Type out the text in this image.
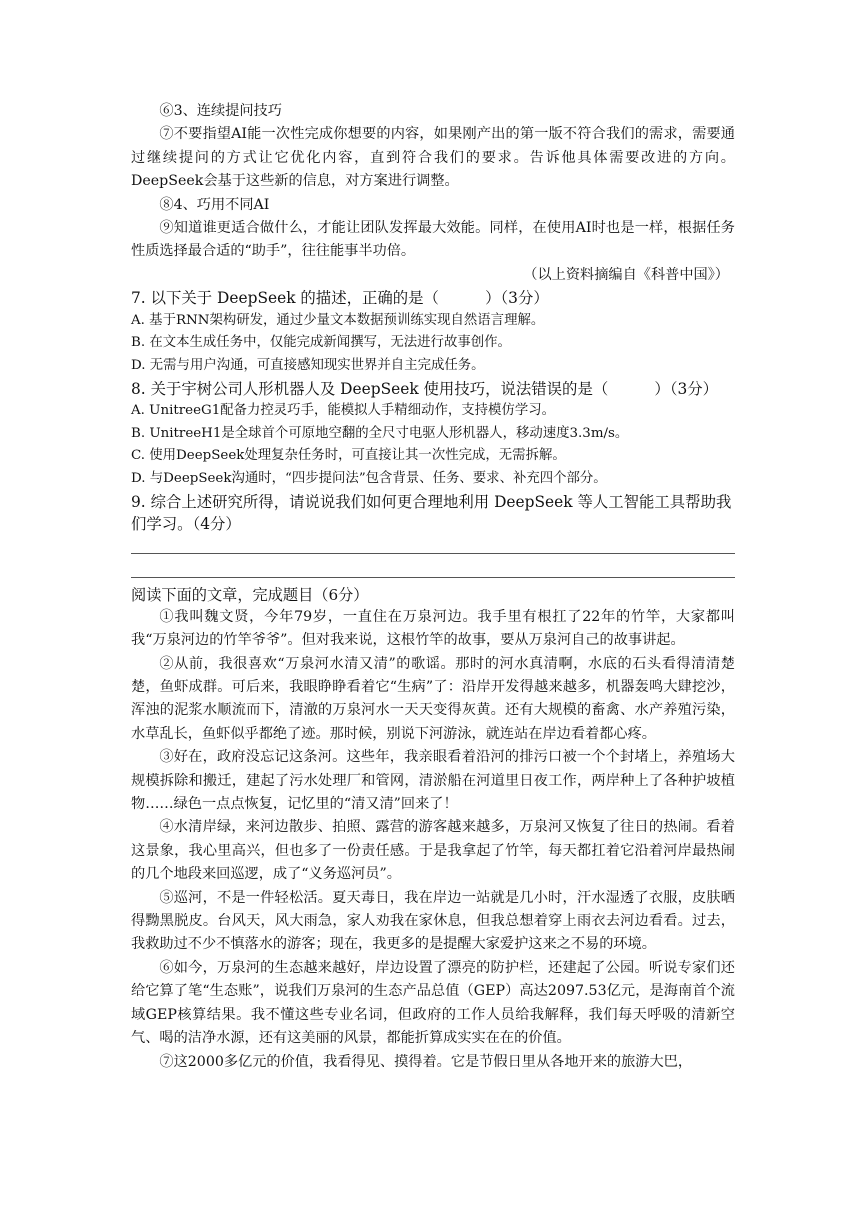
⑥3、连续提问技巧

⑦不要指望AI能一次性完成你想要的内容，如果刚产出的第一版不符合我们的需求，需要通过继续提问的方式让它优化内容，直到符合我们的要求。告诉他具体需要改进的方向。DeepSeek会基于这些新的信息，对方案进行调整。

⑧4、巧用不同AI

⑨知道谁更适合做什么，才能让团队发挥最大效能。同样，在使用AI时也是一样，根据任务性质选择最合适的“助手”，往往能事半功倍。

（以上资料摘编自《科普中国》）

7. 以下关于 DeepSeek 的描述，正确的是（　　　）（3分）

A. 基于RNN架构研发，通过少量文本数据预训练实现自然语言理解。

B. 在文本生成任务中，仅能完成新闻撰写，无法进行故事创作。

D. 无需与用户沟通，可直接感知现实世界并自主完成任务。

8. 关于宇树公司人形机器人及 DeepSeek 使用技巧，说法错误的是（　　　）（3分）

A. UnitreeG1配备力控灵巧手，能模拟人手精细动作，支持模仿学习。

B. UnitreeH1是全球首个可原地空翻的全尺寸电驱人形机器人，移动速度3.3m/s。

C. 使用DeepSeek处理复杂任务时，可直接让其一次性完成，无需拆解。

D. 与DeepSeek沟通时，“四步提问法”包含背景、任务、要求、补充四个部分。

9. 综合上述研究所得，请说说我们如何更合理地利用 DeepSeek 等人工智能工具帮助我们学习。（4分）

阅读下面的文章，完成题目（6分）

①我叫魏文贤，今年79岁，一直住在万泉河边。我手里有根扛了22年的竹竿，大家都叫我“万泉河边的竹竿爷爷”。但对我来说，这根竹竿的故事，要从万泉河自己的故事讲起。

②从前，我很喜欢“万泉河水清又清”的歌谣。那时的河水真清啊，水底的石头看得清清楚楚，鱼虾成群。可后来，我眼睁睁看着它“生病”了：沿岸开发得越来越多，机器轰鸣大肆挖沙，浑浊的泥浆水顺流而下，清澈的万泉河水一天天变得灰黄。还有大规模的畜禽、水产养殖污染，水草乱长，鱼虾似乎都绝了迹。那时候，别说下河游泳，就连站在岸边看着都心疼。

③好在，政府没忘记这条河。这些年，我亲眼看着沿河的排污口被一个个封堵上，养殖场大规模拆除和搬迁，建起了污水处理厂和管网，清淤船在河道里日夜工作，两岸种上了各种护坡植物……绿色一点点恢复，记忆里的“清又清”回来了！

④水清岸绿，来河边散步、拍照、露营的游客越来越多，万泉河又恢复了往日的热闹。看着这景象，我心里高兴，但也多了一份责任感。于是我拿起了竹竿，每天都扛着它沿着河岸最热闹的几个地段来回巡逻，成了“义务巡河员”。

⑤巡河，不是一件轻松活。夏天毒日，我在岸边一站就是几小时，汗水湿透了衣服，皮肤晒得黝黑脱皮。台风天，风大雨急，家人劝我在家休息，但我总想着穿上雨衣去河边看看。过去，我救助过不少不慎落水的游客；现在，我更多的是提醒大家爱护这来之不易的环境。

⑥如今，万泉河的生态越来越好，岸边设置了漂亮的防护栏，还建起了公园。听说专家们还给它算了笔“生态账”，说我们万泉河的生态产品总值（GEP）高达2097.53亿元，是海南首个流域GEP核算结果。我不懂这些专业名词，但政府的工作人员给我解释，我们每天呼吸的清新空气、喝的洁净水源，还有这美丽的风景，都能折算成实实在在的价值。

⑦这2000多亿元的价值，我看得见、摸得着。它是节假日里从各地开来的旅游大巴，
